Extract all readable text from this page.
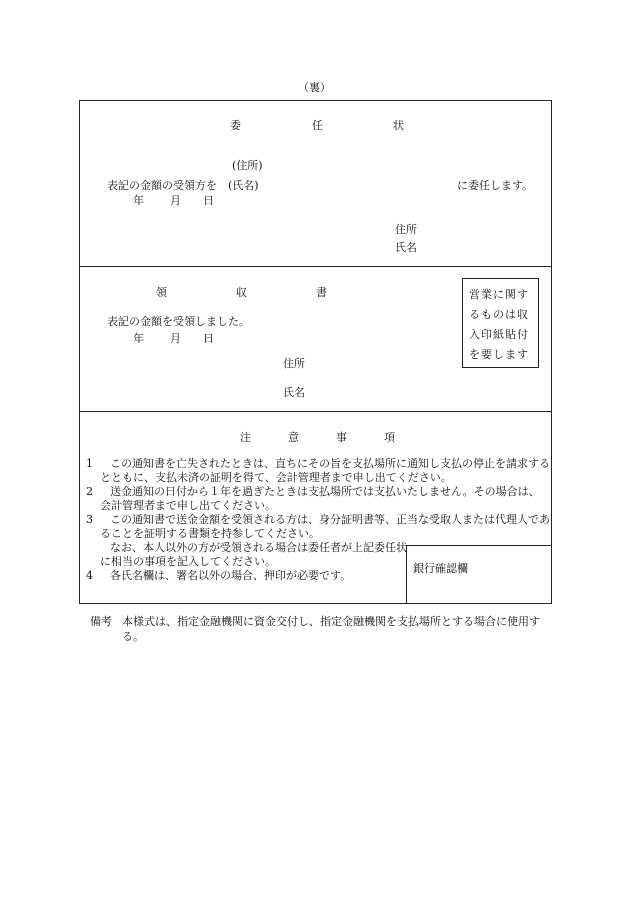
（裏）
委	任	状
(住所)
表記の金額の受領方を (氏名)	に委任します。
年 月 日
住所
氏名
領	収	書
表記の金額を受領しました。
年 月 日
住所
氏名
営業に関す
るものは収
入印紙貼付
を要します
注	意	事	項
1	この通知書を亡失されたときは、直ちにその旨を支払場所に通知し支払の停止を請求するとともに、支払未済の証明を得て、会計管理者まで申し出てください。
2	送金通知の日付から１年を過ぎたときは支払場所では支払いたしません。その場合は、会計管理者まで申し出てください。
3	この通知書で送金金額を受領される方は、身分証明書等、正当な受取人または代理人であることを証明する書類を持参してください。
なお、本人以外の方が受領される場合は委任者が上記委任状に相当の事項を記入してください。
4	各氏名欄は、署名以外の場合、押印が必要です。
銀行確認欄
備考 本様式は、指定金融機関に資金交付し、指定金融機関を支払場所とする場合に使用する。
